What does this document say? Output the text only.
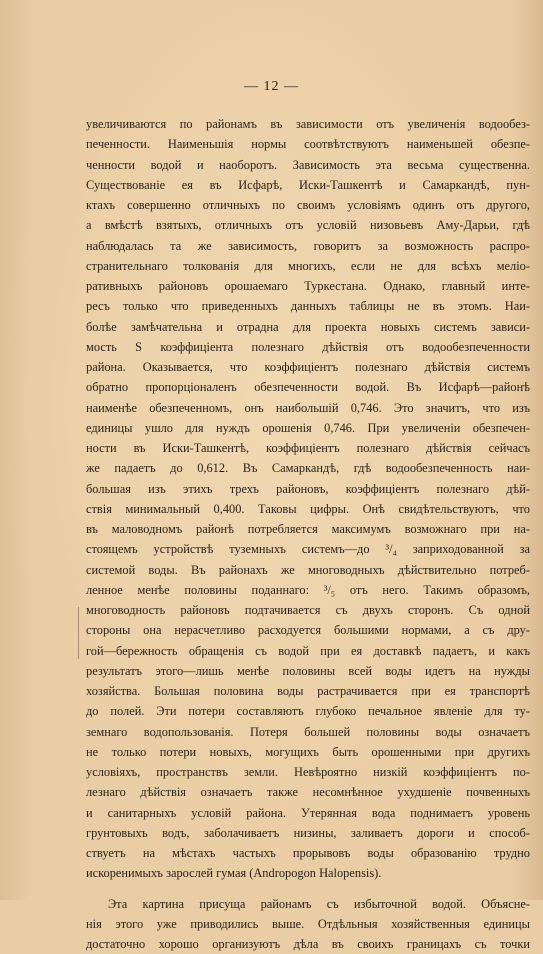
— 12 —
увеличиваются по районамъ въ зависимости отъ увеличенія водообез-
печенности. Наименьшія нормы соотвѣтствуютъ наименьшей обезпе-
ченности водой и наоборотъ. Зависимость эта весьма существенна.
Существованіе ея въ Исфарѣ, Иски-Ташкентѣ и Самаркандѣ, пун-
ктахъ совершенно отличныхъ по своимъ условіямъ одинъ отъ другого,
а вмѣстѣ взятыхъ, отличныхъ отъ условій низовьевъ Аму-Дарьи, гдѣ
наблюдалась та же зависимость, говоритъ за возможность распро-
странительнаго толкованія для многихъ, если не для всѣхъ меліо-
ративныхъ районовъ орошаемаго Туркестана. Однако, главный инте-
ресъ только что приведенныхъ данныхъ таблицы не въ этомъ. Наи-
болѣе замѣчательна и отрадна для проекта новыхъ системъ зависи-
мость S коэффиціента полезнаго дѣйствія отъ водообезпеченности
района. Оказывается, что коэффиціентъ полезнаго дѣйствія системъ
обратно пропорціоналенъ обезпеченности водой. Въ Исфарѣ—районѣ
наименѣе обезпеченномъ, онъ наибольшій 0,746. Это значитъ, что изъ
единицы ушло для нуждъ орошенія 0,746. При увеличеніи обезпечен-
ности въ Иски-Ташкентѣ, коэффиціентъ полезнаго дѣйствія сейчасъ
же падаетъ до 0,612. Въ Самаркандѣ, гдѣ водообезпеченность наи-
большая изъ этихъ трехъ районовъ, коэффиціентъ полезнаго дѣй-
ствія минимальный 0,400. Таковы цифры. Онѣ свидѣтельствуютъ, что
въ маловодномъ районѣ потребляется максимумъ возможнаго при на-
стоящемъ устройствѣ туземныхъ системъ—до ³/₄ заприходованной за
системой воды. Въ районахъ же многоводныхъ дѣйствительно потреб-
ленное менѣе половины поданнаго: ³/₅ отъ него. Такимъ образомъ,
многоводность районовъ подтачивается съ двухъ сторонъ. Съ одной
стороны она нерасчетливо расходуется большими нормами, а съ дру-
гой—бережность обращенія съ водой при ея доставкѣ падаетъ, и какъ
результатъ этого—лишь менѣе половины всей воды идетъ на нужды
хозяйства. Большая половина воды растрачивается при ея транспортѣ
до полей. Эти потери составляютъ глубоко печальное явленіе для ту-
земнаго водопользованія. Потеря большей половины воды означаетъ
не только потери новыхъ, могущихъ быть орошенными при другихъ
условіяхъ, пространствъ земли. Невѣроятно низкій коэффиціентъ по-
лезнаго дѣйствія означаетъ также несомнѣнное ухудшеніе почвенныхъ
и санитарныхъ условій района. Утерянная вода поднимаетъ уровень
грунтовыхъ водъ, заболачиваетъ низины, заливаетъ дороги и способ-
ствуетъ на мѣстахъ частыхъ прорывовъ воды образованію трудно
искоренимыхъ зарослей гумая (Andropogon Halopensis).
Эта картина присуща районамъ съ избыточной водой. Объясне-
нія этого уже приводились выше. Отдѣльныя хозяйственныя единицы
достаточно хорошо организуютъ дѣла въ своихъ границахъ съ точки
